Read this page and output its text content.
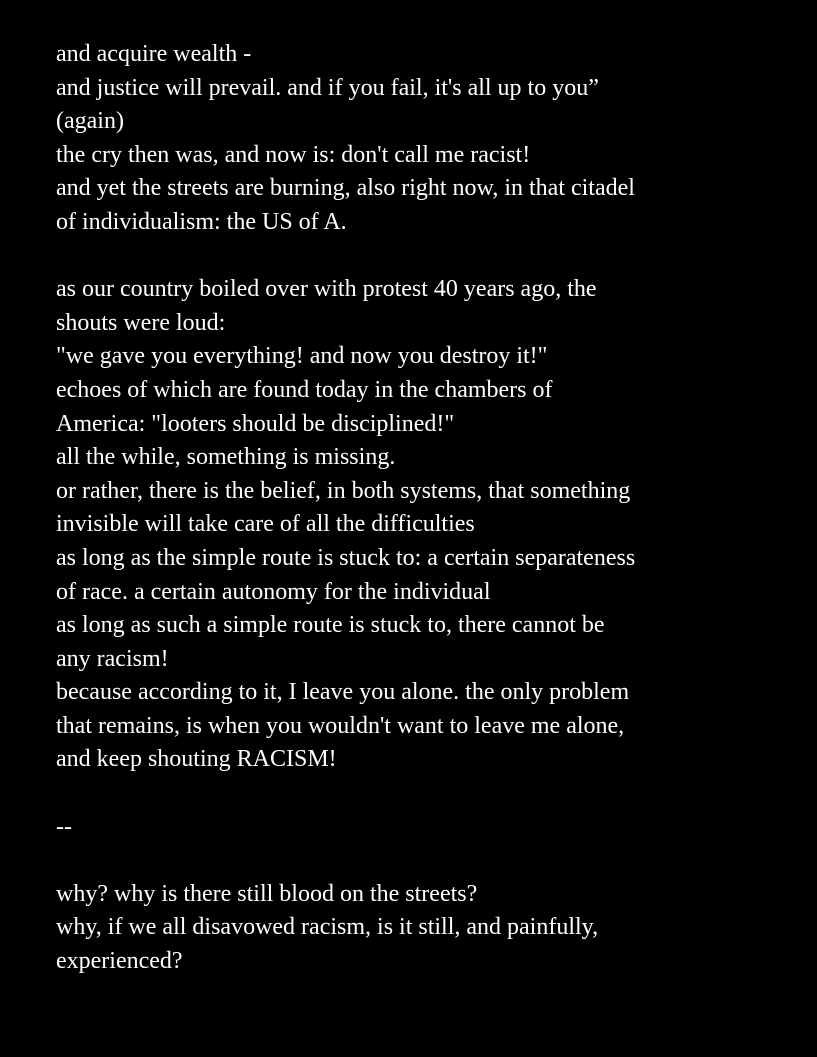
and acquire wealth -
and justice will prevail. and if you fail, it's all up to you”
(again)
the cry then was, and now is: don't call me racist!
and yet the streets are burning, also right now, in that citadel
of individualism: the US of A.
as our country boiled over with protest 40 years ago, the
shouts were loud:
"we gave you everything! and now you destroy it!"
echoes of which are found today in the chambers of
America: "looters should be disciplined!"
all the while, something is missing.
or rather, there is the belief, in both systems, that something
invisible will take care of all the difficulties
as long as the simple route is stuck to: a certain separateness
of race. a certain autonomy for the individual
as long as such a simple route is stuck to, there cannot be
any racism!
because according to it, I leave you alone. the only problem
that remains, is when you wouldn't want to leave me alone,
and keep shouting RACISM!
--
why? why is there still blood on the streets?
why, if we all disavowed racism, is it still, and painfully,
experienced?
